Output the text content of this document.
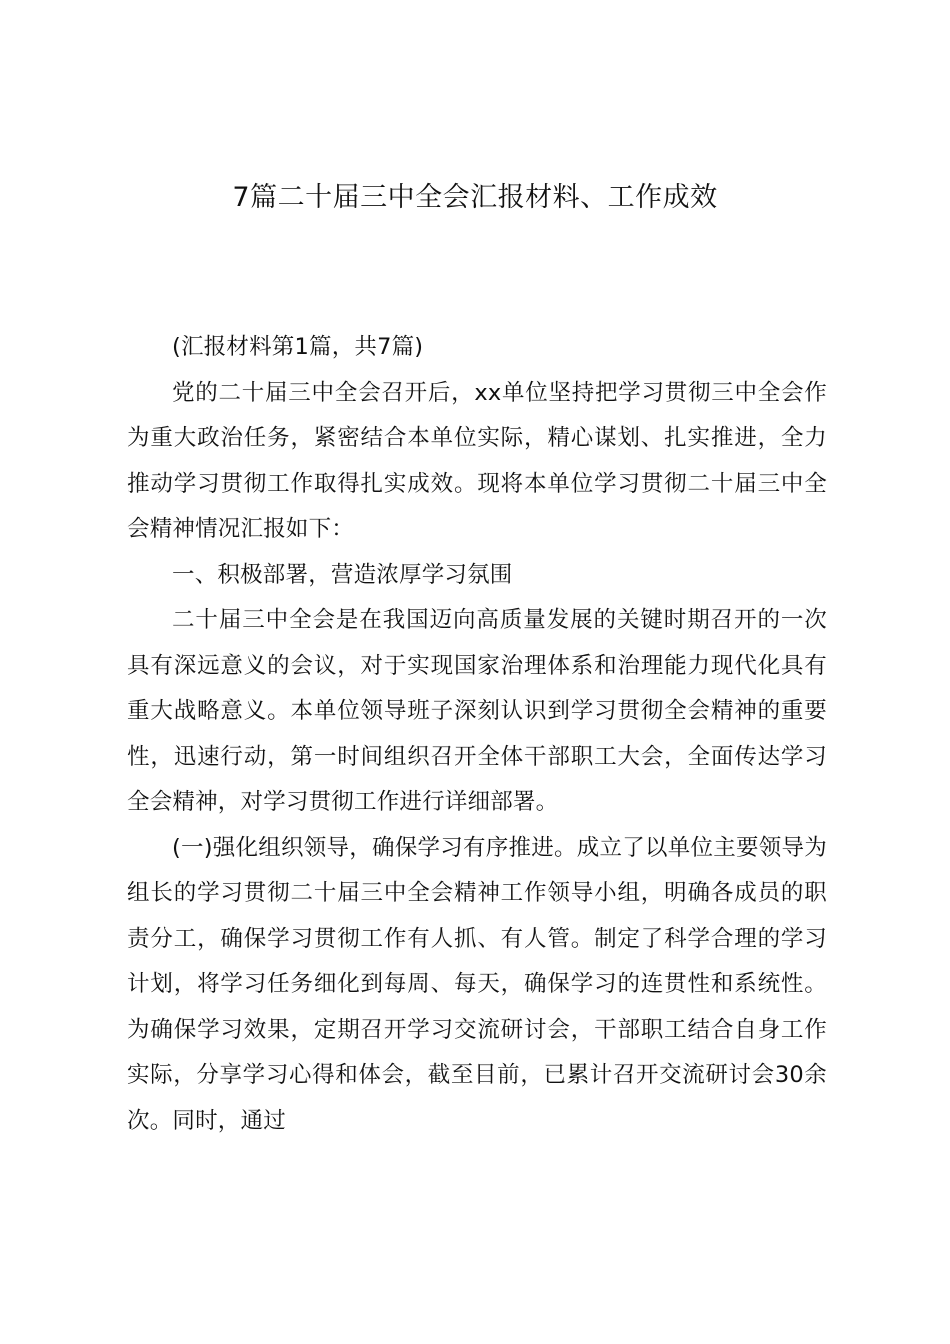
7篇二十届三中全会汇报材料、工作成效

(汇报材料第1篇，共7篇)

党的二十届三中全会召开后，xx单位坚持把学习贯彻三中全会作为重大政治任务，紧密结合本单位实际，精心谋划、扎实推进，全力推动学习贯彻工作取得扎实成效。现将本单位学习贯彻二十届三中全会精神情况汇报如下：

一、积极部署，营造浓厚学习氛围

二十届三中全会是在我国迈向高质量发展的关键时期召开的一次具有深远意义的会议，对于实现国家治理体系和治理能力现代化具有重大战略意义。本单位领导班子深刻认识到学习贯彻全会精神的重要性，迅速行动，第一时间组织召开全体干部职工大会，全面传达学习全会精神，对学习贯彻工作进行详细部署。

(一)强化组织领导，确保学习有序推进。成立了以单位主要领导为组长的学习贯彻二十届三中全会精神工作领导小组，明确各成员的职责分工，确保学习贯彻工作有人抓、有人管。制定了科学合理的学习计划，将学习任务细化到每周、每天，确保学习的连贯性和系统性。为确保学习效果，定期召开学习交流研讨会，干部职工结合自身工作实际，分享学习心得和体会，截至目前，已累计召开交流研讨会30余次。同时，通过
